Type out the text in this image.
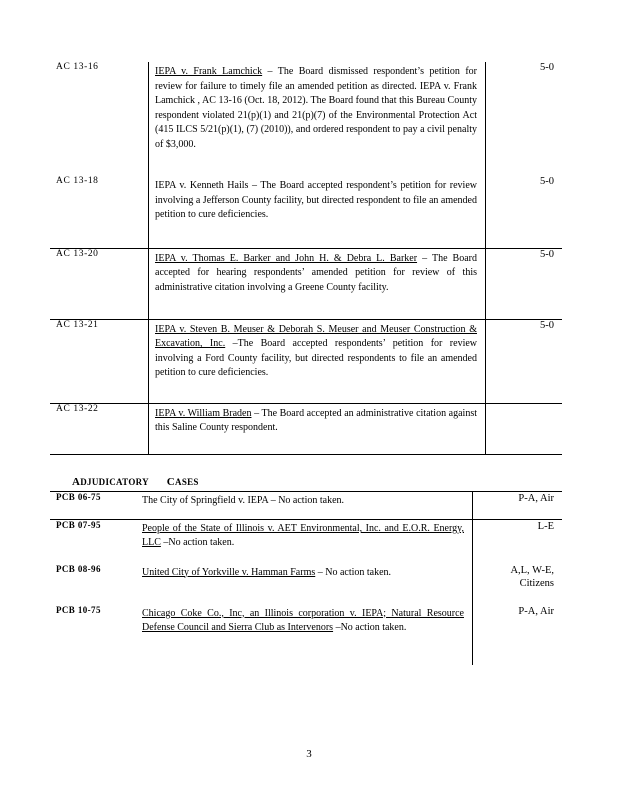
AC 13-16	IEPA v. Frank Lamchick – The Board dismissed respondent’s petition for review for failure to timely file an amended petition as directed. IEPA v. Frank Lamchick , AC 13-16 (Oct. 18, 2012). The Board found that this Bureau County respondent violated 21(p)(1) and 21(p)(7) of the Environmental Protection Act (415 ILCS 5/21(p)(1), (7) (2010)), and ordered respondent to pay a civil penalty of $3,000.	5-0
AC 13-18	IEPA v. Kenneth Hails – The Board accepted respondent’s petition for review involving a Jefferson County facility, but directed respondent to file an amended petition to cure deficiencies.	5-0
AC 13-20	IEPA v. Thomas E. Barker and John H. & Debra L. Barker – The Board accepted for hearing respondents’ amended petition for review of this administrative citation involving a Greene County facility.	5-0
AC 13-21	IEPA v. Steven B. Meuser & Deborah S. Meuser and Meuser Construction & Excavation, Inc. –The Board accepted respondents’ petition for review involving a Ford County facility, but directed respondents to file an amended petition to cure deficiencies.	5-0
AC 13-22	IEPA v. William Braden – The Board accepted an administrative citation against this Saline County respondent.	
ADJUDICATORY CASES
PCB 06-75	The City of Springfield v. IEPA – No action taken.	P-A, Air
PCB 07-95	People of the State of Illinois v. AET Environmental, Inc. and E.O.R. Energy, LLC –No action taken.	L-E
PCB 08-96	United City of Yorkville v. Hamman Farms – No action taken.	A,L, W-E,
Citizens
PCB 10-75	Chicago Coke Co., Inc, an Illinois corporation v. IEPA; Natural Resource Defense Council and Sierra Club as Intervenors –No action taken.	P-A, Air
3
